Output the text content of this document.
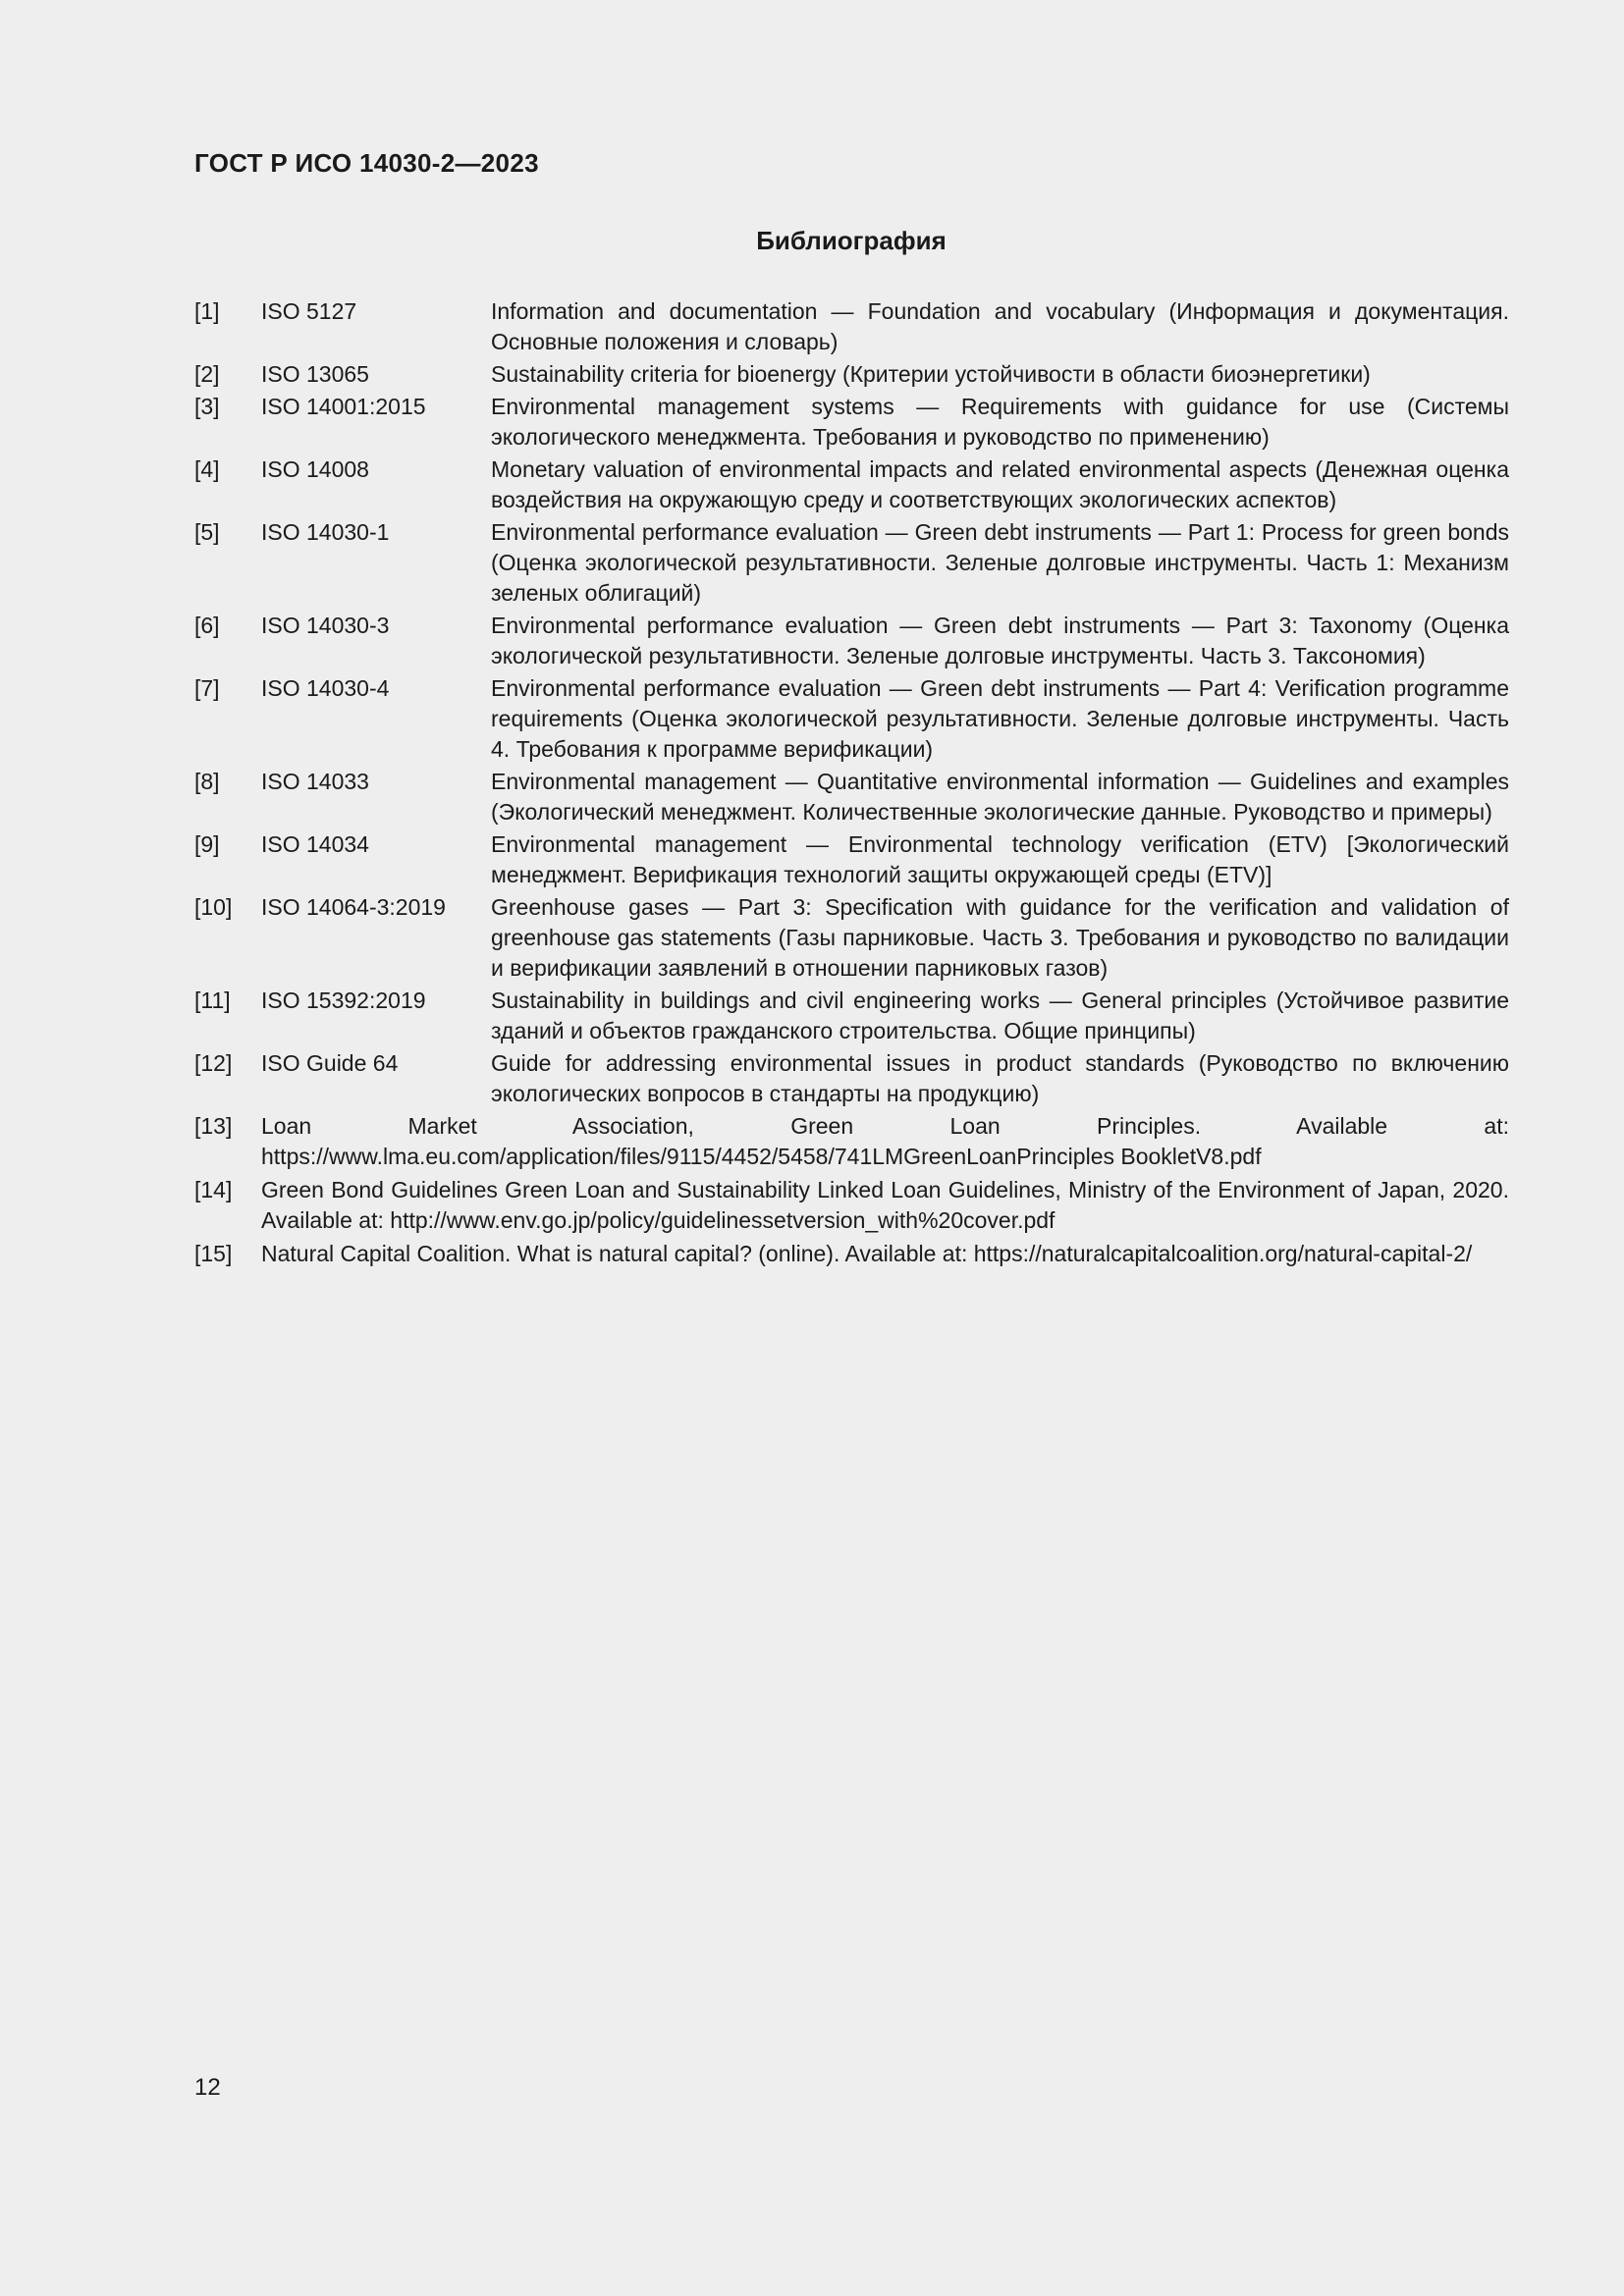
ГОСТ Р ИСО 14030-2—2023
Библиография
[1]	ISO 5127	Information and documentation — Foundation and vocabulary (Информация и документация. Основные положения и словарь)
[2]	ISO 13065	Sustainability criteria for bioenergy (Критерии устойчивости в области биоэнергетики)
[3]	ISO 14001:2015	Environmental management systems — Requirements with guidance for use (Системы экологического менеджмента. Требования и руководство по применению)
[4]	ISO 14008	Monetary valuation of environmental impacts and related environmental aspects (Денежная оценка воздействия на окружающую среду и соответствующих экологических аспектов)
[5]	ISO 14030-1	Environmental performance evaluation — Green debt instruments — Part 1: Process for green bonds (Оценка экологической результативности. Зеленые долговые инструменты. Часть 1: Механизм зеленых облигаций)
[6]	ISO 14030-3	Environmental performance evaluation — Green debt instruments — Part 3: Taxonomy (Оценка экологической результативности. Зеленые долговые инструменты. Часть 3. Таксономия)
[7]	ISO 14030-4	Environmental performance evaluation — Green debt instruments — Part 4: Verification programme requirements (Оценка экологической результативности. Зеленые долговые инструменты. Часть 4. Требования к программе верификации)
[8]	ISO 14033	Environmental management — Quantitative environmental information — Guidelines and examples (Экологический менеджмент. Количественные экологические данные. Руководство и примеры)
[9]	ISO 14034	Environmental management — Environmental technology verification (ETV) [Экологический менеджмент. Верификация технологий защиты окружающей среды (ETV)]
[10]	ISO 14064-3:2019	Greenhouse gases — Part 3: Specification with guidance for the verification and validation of greenhouse gas statements (Газы парниковые. Часть 3. Требования и руководство по валидации и верификации заявлений в отношении парниковых газов)
[11]	ISO 15392:2019	Sustainability in buildings and civil engineering works — General principles (Устойчивое развитие зданий и объектов гражданского строительства. Общие принципы)
[12]	ISO Guide 64	Guide for addressing environmental issues in product standards (Руководство по включению экологических вопросов в стандарты на продукцию)
[13]	Loan Market Association, Green Loan Principles. Available at: https://www.lma.eu.com/application/files/9115/4452/5458/741LMGreenLoanPrinciples BookletV8.pdf
[14]	Green Bond Guidelines Green Loan and Sustainability Linked Loan Guidelines, Ministry of the Environment of Japan, 2020. Available at: http://www.env.go.jp/policy/guidelinessetversion_with%20cover.pdf
[15]	Natural Capital Coalition. What is natural capital? (online). Available at: https://naturalcapitalcoalition.org/natural-capital-2/
12
